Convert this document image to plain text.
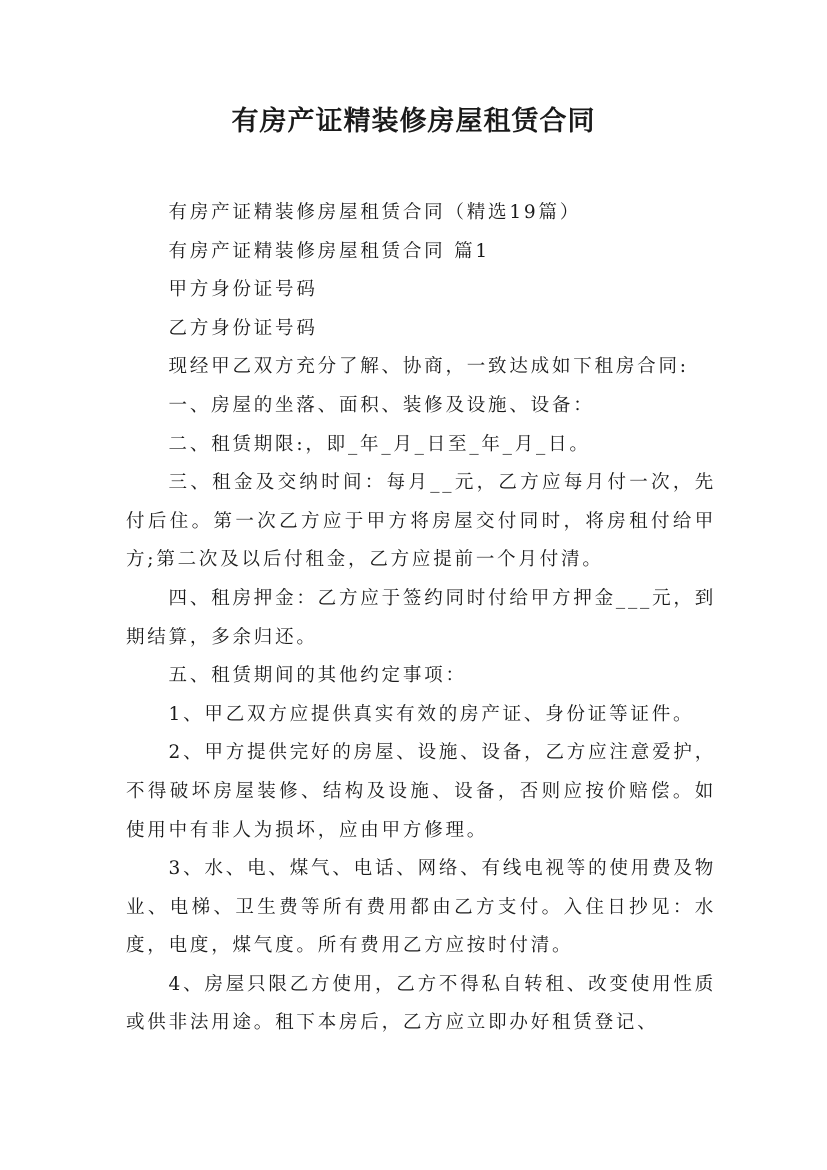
有房产证精装修房屋租赁合同

有房产证精装修房屋租赁合同（精选19篇）

有房产证精装修房屋租赁合同 篇1

甲方身份证号码

乙方身份证号码

现经甲乙双方充分了解、协商，一致达成如下租房合同:

一、房屋的坐落、面积、装修及设施、设备：

二、租赁期限:，即_年_月_日至_年_月_日。

三、租金及交纳时间：每月__元，乙方应每月付一次，先付后住。第一次乙方应于甲方将房屋交付同时，将房租付给甲方;第二次及以后付租金，乙方应提前一个月付清。

四、租房押金：乙方应于签约同时付给甲方押金___元，到期结算，多余归还。

五、租赁期间的其他约定事项：

1、甲乙双方应提供真实有效的房产证、身份证等证件。

2、甲方提供完好的房屋、设施、设备，乙方应注意爱护，不得破坏房屋装修、结构及设施、设备，否则应按价赔偿。如使用中有非人为损坏，应由甲方修理。

3、水、电、煤气、电话、网络、有线电视等的使用费及物业、电梯、卫生费等所有费用都由乙方支付。入住日抄见：水度，电度，煤气度。所有费用乙方应按时付清。

4、房屋只限乙方使用，乙方不得私自转租、改变使用性质或供非法用途。租下本房后，乙方应立即办好租赁登记、
